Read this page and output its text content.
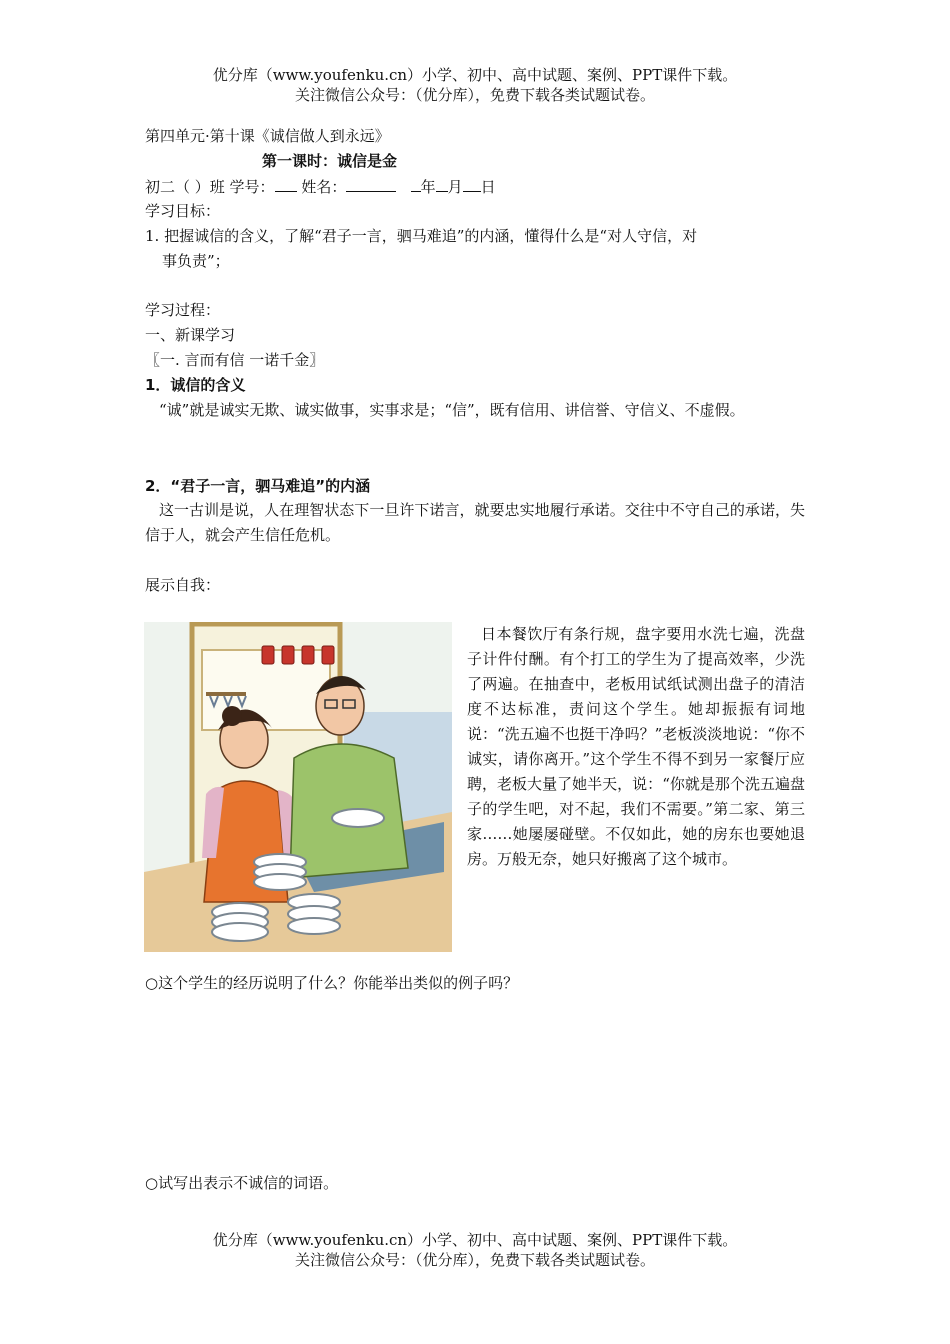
优分库（www.youfenku.cn）小学、初中、高中试题、案例、PPT课件下载。
关注微信公众号：（优分库），免费下载各类试题试卷。
第四单元·第十课《诚信做人到永远》
第一课时：诚信是金
初二（ ）班 学号： 姓名：	年 月 日
学习目标：
1. 把握诚信的含义，了解“君子一言，驷马难追”的内涵，懂得什么是“对人守信，对
事负责”；
学习过程：
一、新课学习
〖一. 言而有信 一诺千金〗
1．诚信的含义
“诚”就是诚实无欺、诚实做事，实事求是；“信”，既有信用、讲信誉、守信义、不虚假。
2．“君子一言，驷马难追”的内涵
这一古训是说，人在理智状态下一旦许下诺言，就要忠实地履行承诺。交往中不守自己的承诺，失信于人，就会产生信任危机。
展示自我：
日本餐饮厅有条行规，盘字要用水洗七遍，洗盘子计件付酬。有个打工的学生为了提高效率，少洗了两遍。在抽查中，老板用试纸试测出盘子的清洁度不达标准，责问这个学生。她却振振有词地说：“洗五遍不也挺干净吗？”老板淡淡地说：“你不诚实，请你离开。”这个学生不得不到另一家餐厅应聘，老板大量了她半天，说：“你就是那个洗五遍盘子的学生吧，对不起，我们不需要。”第二家、第三家……她屡屡碰壁。不仅如此，她的房东也要她退房。万般无奈，她只好搬离了这个城市。
○这个学生的经历说明了什么？你能举出类似的例子吗？
○试写出表示不诚信的词语。
优分库（www.youfenku.cn）小学、初中、高中试题、案例、PPT课件下载。
关注微信公众号：（优分库），免费下载各类试题试卷。
